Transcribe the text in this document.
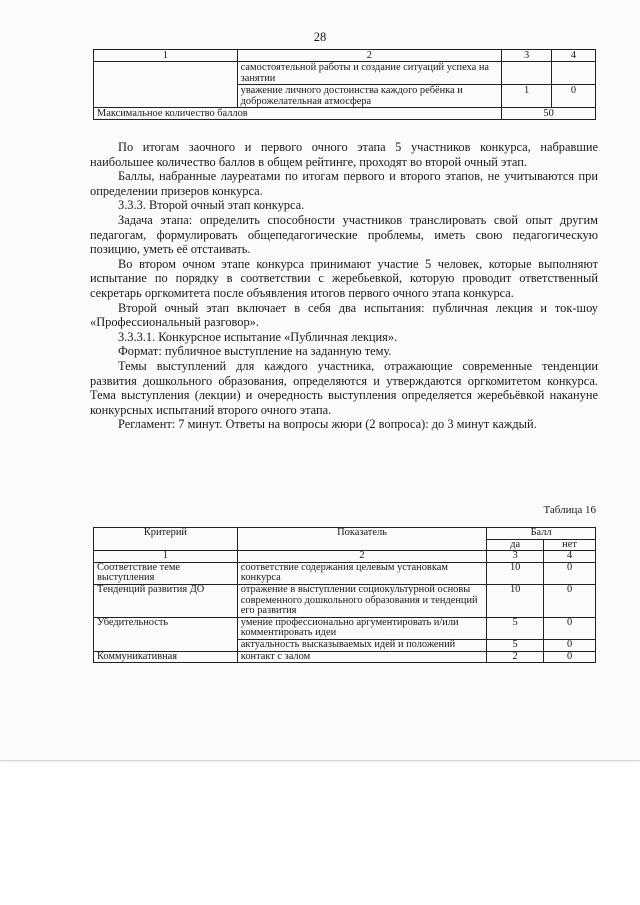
28
1	2	3	4
	самостоятельной работы и создание ситуаций успеха на занятии		
	уважение личного достоинства каждого ребёнка и доброжелательная атмосфера	1	0
Максимальное количество баллов		50	

По итогам заочного и первого очного этапа 5 участников конкурса, набравшие наибольшее количество баллов в общем рейтинге, проходят во второй очный этап.

Баллы, набранные лауреатами по итогам первого и второго этапов, не учитываются при определении призеров конкурса.

3.3.3. Второй очный этап конкурса.

Задача этапа: определить способности участников транслировать свой опыт другим педагогам, формулировать общепедагогические проблемы, иметь свою педагогическую позицию, уметь её отстаивать.

Во втором очном этапе конкурса принимают участие 5 человек, которые выполняют испытание по порядку в соответствии с жеребьевкой, которую проводит ответственный секретарь оргкомитета после объявления итогов первого очного этапа конкурса.

Второй очный этап включает в себя два испытания: публичная лекция и ток-шоу «Профессиональный разговор».

3.3.3.1. Конкурсное испытание «Публичная лекция».

Формат: публичное выступление на заданную тему.

Темы выступлений для каждого участника, отражающие современные тенденции развития дошкольного образования, определяются и утверждаются оргкомитетом конкурса. Тема выступления (лекции) и очередность выступления определяется жеребьёвкой накануне конкурсных испытаний второго очного этапа.

Регламент: 7 минут. Ответы на вопросы жюри (2 вопроса): до 3 минут каждый.

Таблица 16
Критерий	Показатель	Балл	
		да	нет
1	2	3	4
Соответствие теме выступления	соответствие содержания целевым установкам конкурса	10	0
Тенденций развития ДО	отражение в выступлении социокультурной основы современного дошкольного образования и тенденций его развития	10	0
Убедительность	умение профессионально аргументировать и/или комментировать идеи	5	0
	актуальность высказываемых идей и положений	5	0
Коммуникативная	контакт с залом	2	0
